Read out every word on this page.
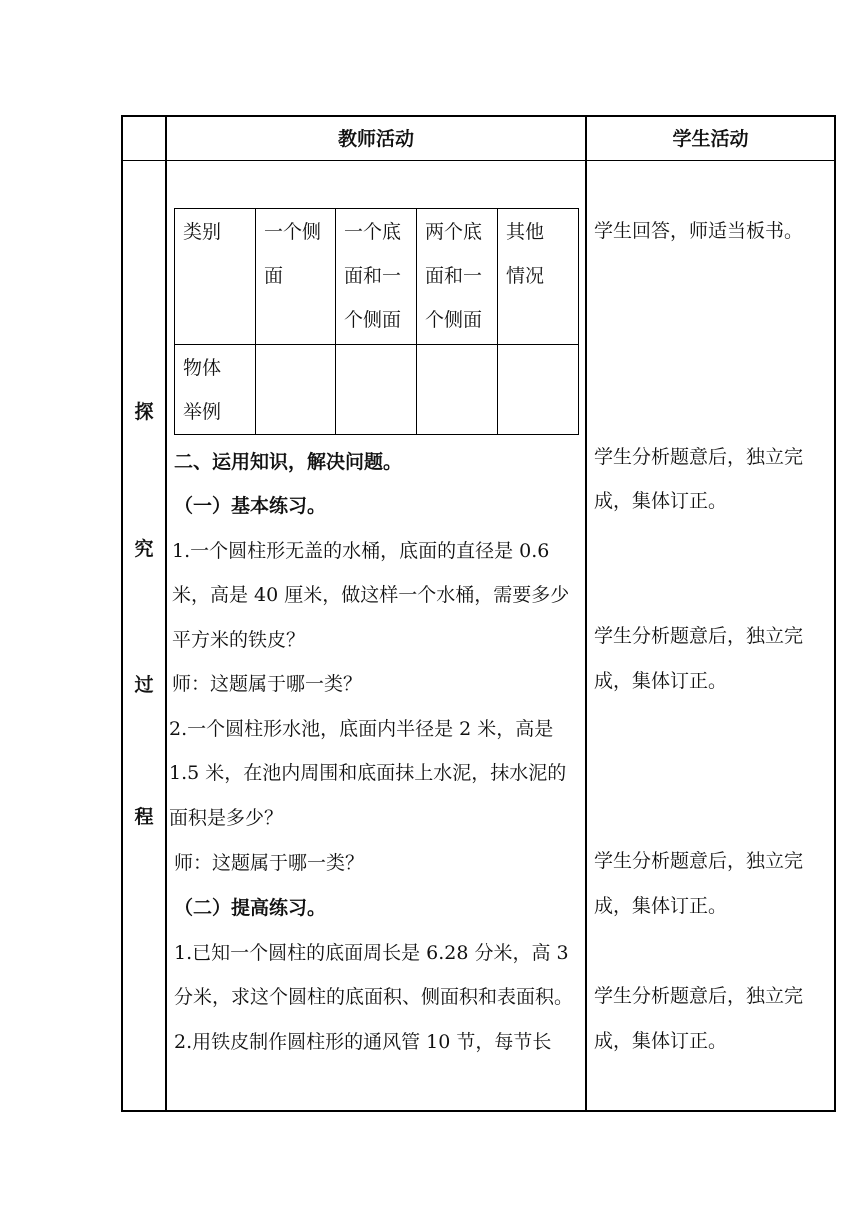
教师活动	学生活动
探
究
过
程
类别 一个侧
面
一个底
面和一
个侧面
两个底
面和一
个侧面
其他
情况
物体
举例
二、运用知识，解决问题。
（一）基本练习。
1.一个圆柱形无盖的水桶，底面的直径是 0.6
米，高是 40 厘米，做这样一个水桶，需要多少
平方米的铁皮？
师：这题属于哪一类？
2.一个圆柱形水池，底面内半径是 2 米，高是
1.5 米，在池内周围和底面抹上水泥，抹水泥的
面积是多少？
师：这题属于哪一类？
（二）提高练习。
1.已知一个圆柱的底面周长是 6.28 分米，高 3
分米，求这个圆柱的底面积、侧面积和表面积。
2.用铁皮制作圆柱形的通风管 10 节，每节长
学生回答，师适当板书。
学生分析题意后，独立完
成，集体订正。
学生分析题意后，独立完
成，集体订正。
学生分析题意后，独立完
成，集体订正。
学生分析题意后，独立完
成，集体订正。
